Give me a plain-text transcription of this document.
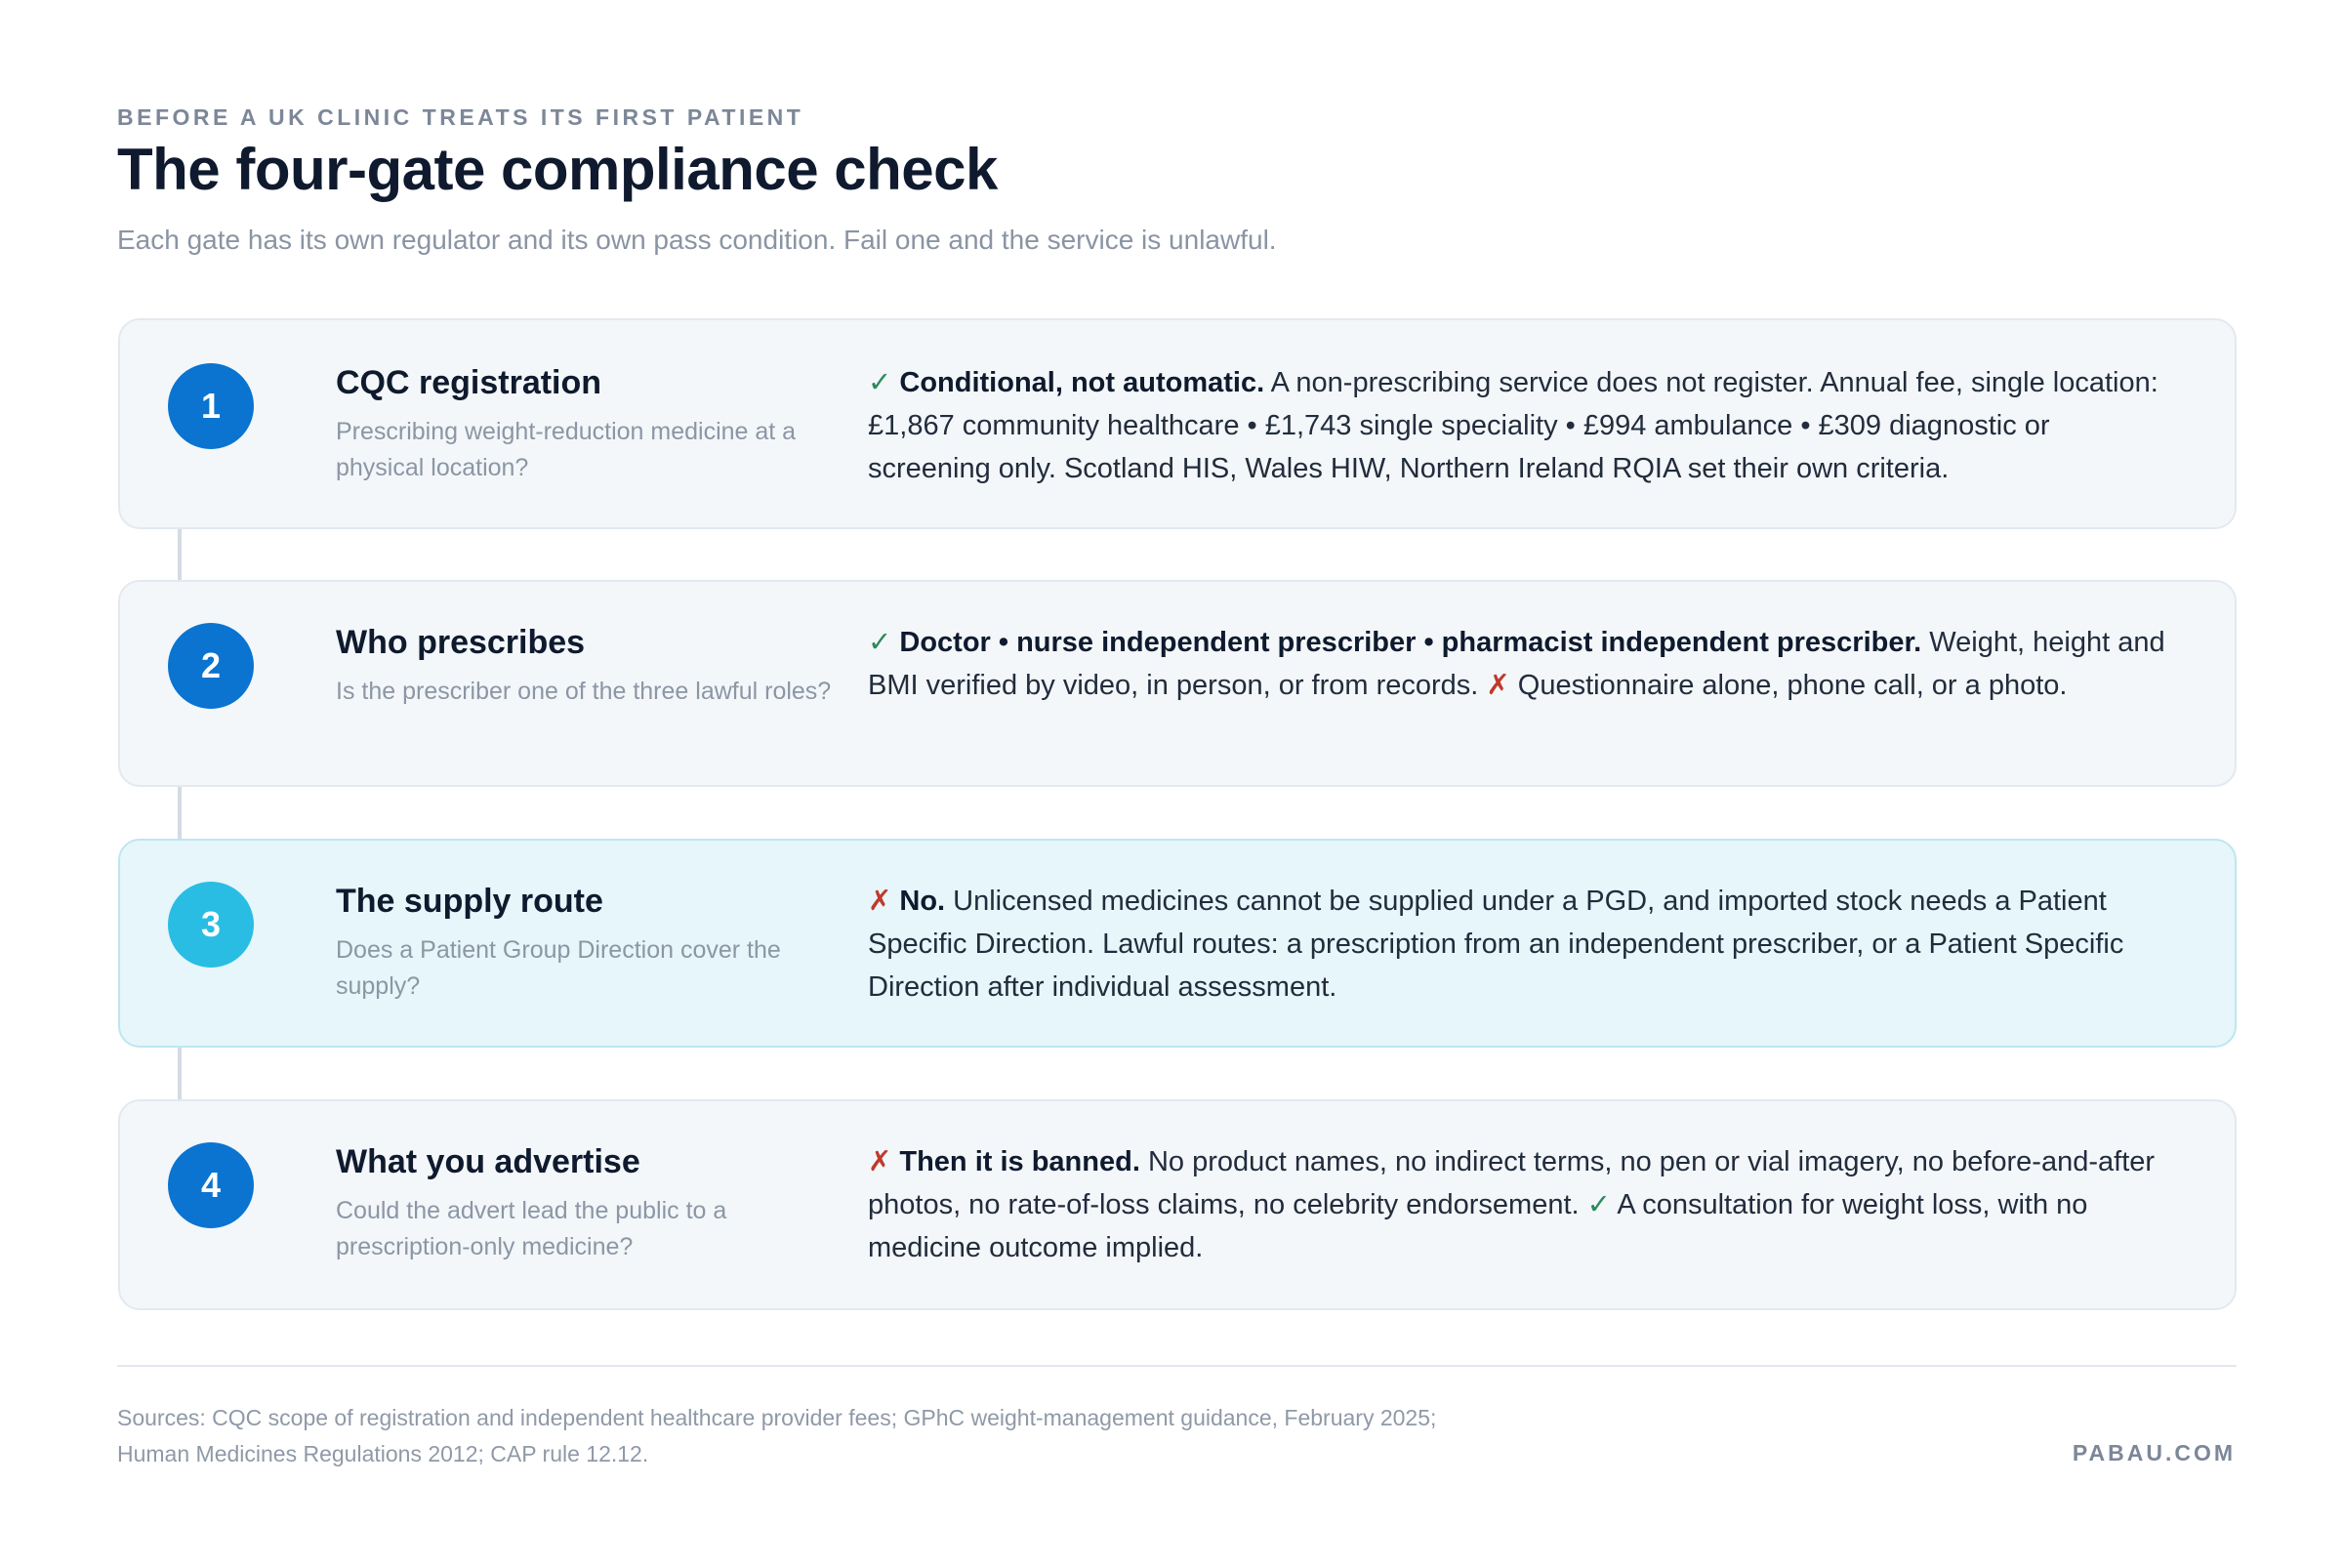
BEFORE A UK CLINIC TREATS ITS FIRST PATIENT
The four-gate compliance check
Each gate has its own regulator and its own pass condition. Fail one and the service is unlawful.
1
CQC registration
Prescribing weight-reduction medicine at a physical location?
✓ Conditional, not automatic. A non-prescribing service does not register. Annual fee, single location: £1,867 community healthcare • £1,743 single speciality • £994 ambulance • £309 diagnostic or screening only. Scotland HIS, Wales HIW, Northern Ireland RQIA set their own criteria.
2
Who prescribes
Is the prescriber one of the three lawful roles?
✓ Doctor • nurse independent prescriber • pharmacist independent prescriber. Weight, height and BMI verified by video, in person, or from records. ✗ Questionnaire alone, phone call, or a photo.
3
The supply route
Does a Patient Group Direction cover the supply?
✗ No. Unlicensed medicines cannot be supplied under a PGD, and imported stock needs a Patient Specific Direction. Lawful routes: a prescription from an independent prescriber, or a Patient Specific Direction after individual assessment.
4
What you advertise
Could the advert lead the public to a prescription-only medicine?
✗ Then it is banned. No product names, no indirect terms, no pen or vial imagery, no before-and-after photos, no rate-of-loss claims, no celebrity endorsement. ✓ A consultation for weight loss, with no medicine outcome implied.
Sources: CQC scope of registration and independent healthcare provider fees; GPhC weight-management guidance, February 2025;
Human Medicines Regulations 2012; CAP rule 12.12.	PABAU.COM
